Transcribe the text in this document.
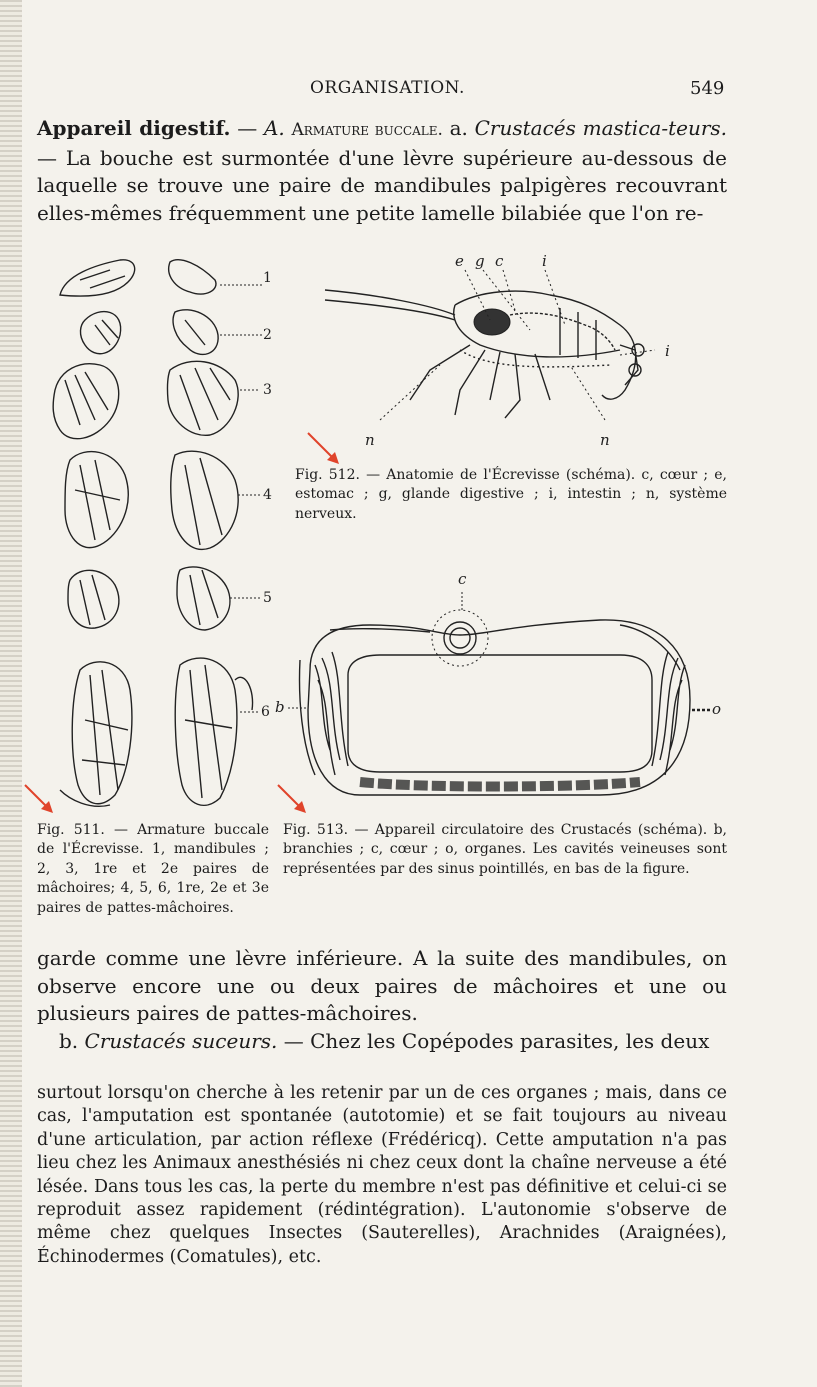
ORGANISATION.	549
Appareil digestif. — A. Armature buccale. a. Crustacés mastica-teurs. — La bouche est surmontée d'une lèvre supérieure au-dessous de laquelle se trouve une paire de mandibules palpigères recouvrant elles-mêmes fréquemment une petite lamelle bilabiée que l'on re-
1
2
3
4
5
6
e g c	i
i
n	n
Fig. 512. — Anatomie de l'Écrevisse (schéma). c, cœur ; e, estomac ; g, glande digestive ; i, intestin ; n, système nerveux.
c
b	o
Fig. 511. — Armature buccale de l'Écrevisse. 1, mandibules ; 2, 3, 1re et 2e paires de mâchoires; 4, 5, 6, 1re, 2e et 3e paires de pattes-mâchoires.
Fig. 513. — Appareil circulatoire des Crustacés (schéma). b, branchies ; c, cœur ; o, organes. Les cavités veineuses sont représentées par des sinus pointillés, en bas de la figure.
garde comme une lèvre inférieure. A la suite des mandibules, on observe encore une ou deux paires de mâchoires et une ou plusieurs paires de pattes-mâchoires.
b. Crustacés suceurs. — Chez les Copépodes parasites, les deux
surtout lorsqu'on cherche à les retenir par un de ces organes ; mais, dans ce cas, l'amputation est spontanée (autotomie) et se fait toujours au niveau d'une articulation, par action réflexe (Frédéricq). Cette amputation n'a pas lieu chez les Animaux anesthésiés ni chez ceux dont la chaîne nerveuse a été lésée. Dans tous les cas, la perte du membre n'est pas définitive et celui-ci se reproduit assez rapidement (rédintégration). L'autonomie s'observe de même chez quelques Insectes (Sauterelles), Arachnides (Araignées), Échinodermes (Comatules), etc.
